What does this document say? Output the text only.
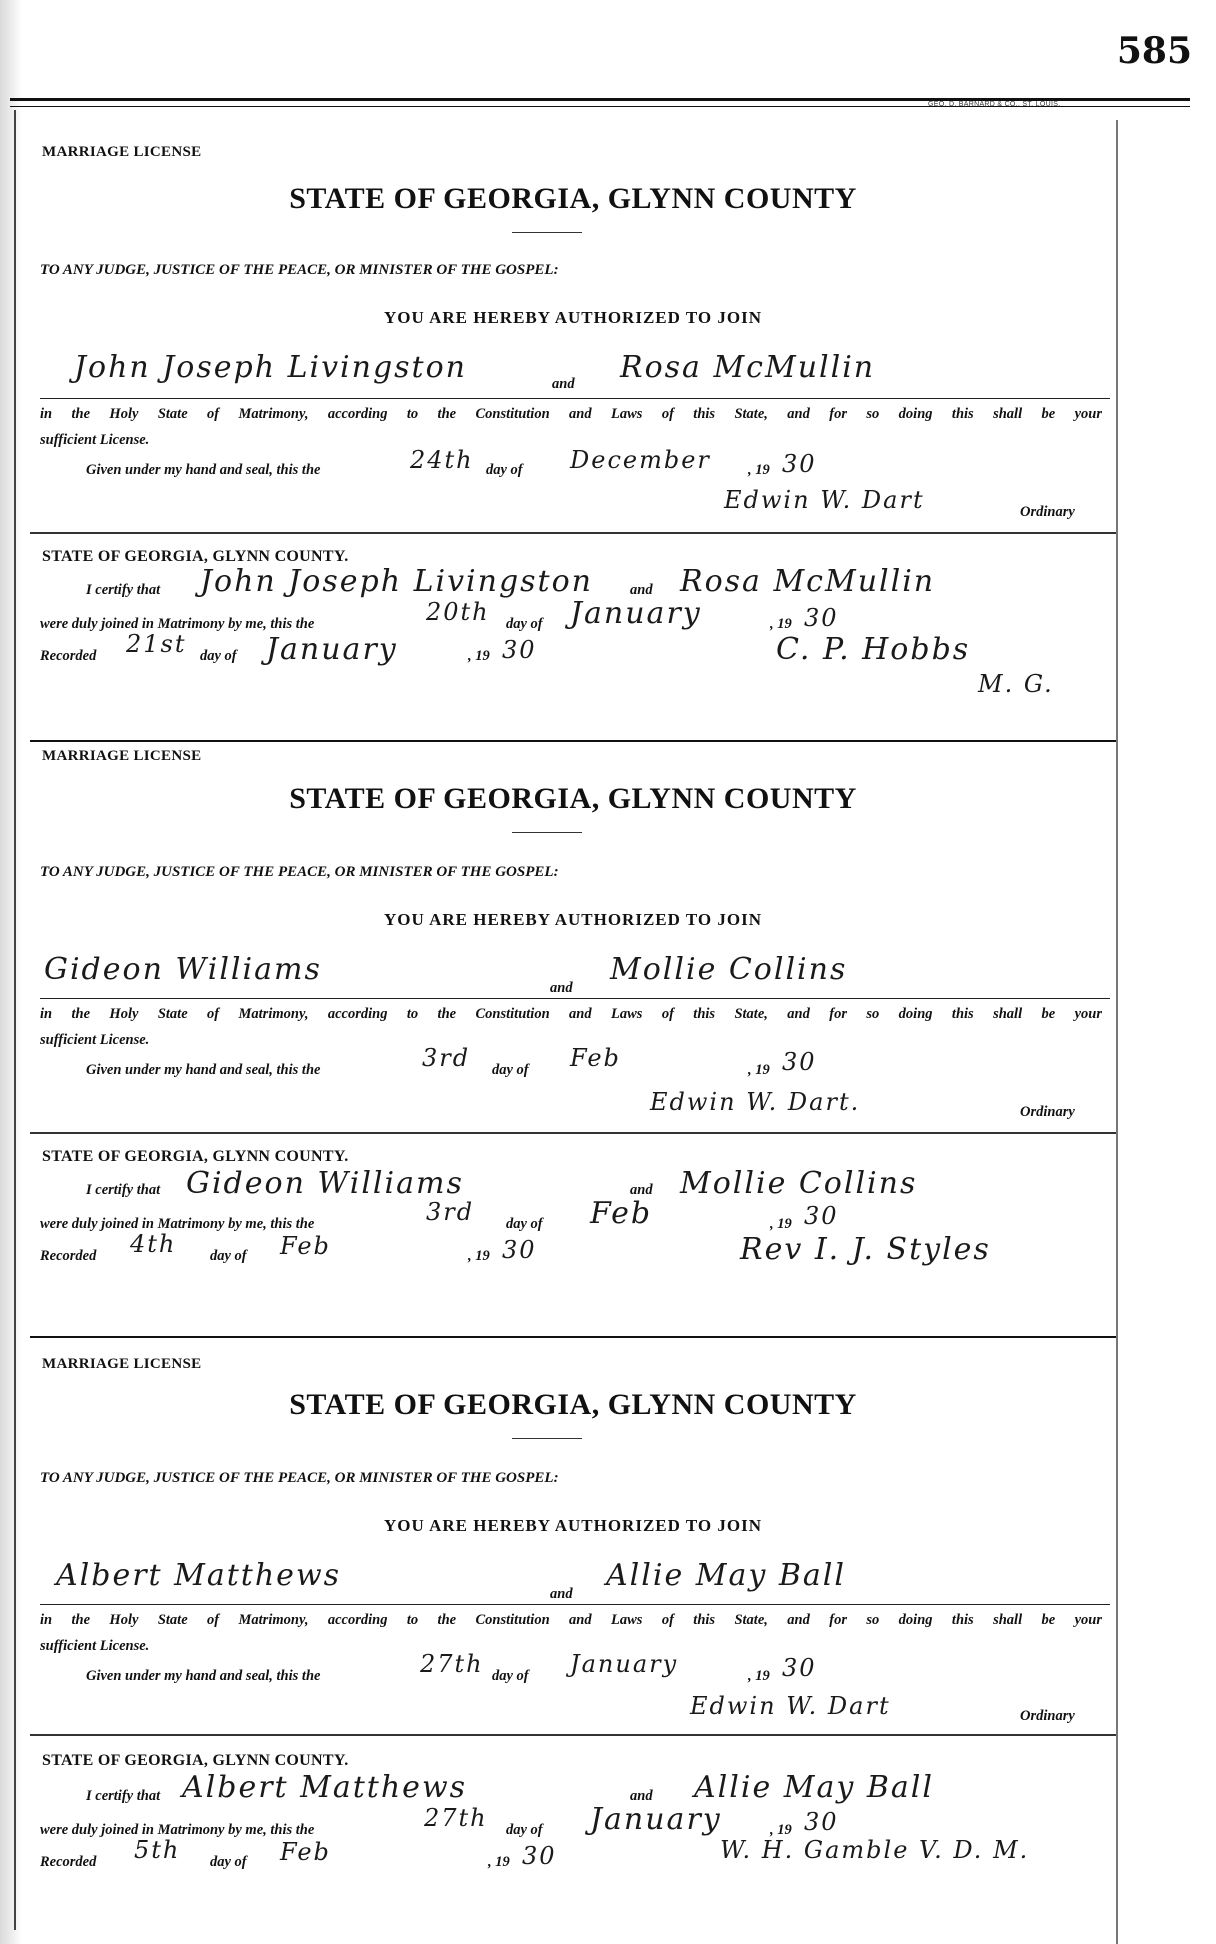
585
GEO. D. BARNARD & CO., ST. LOUIS.
MARRIAGE LICENSE
STATE OF GEORGIA, GLYNN COUNTY
TO ANY JUDGE, JUSTICE OF THE PEACE, OR MINISTER OF THE GOSPEL:
YOU ARE HEREBY AUTHORIZED TO JOIN
John Joseph Livingston	and Rosa McMullin
in the Holy State of Matrimony, according to the Constitution and Laws of this State, and for so doing this shall be your
sufficient License.
Given under my hand and seal, this the	24th day of December	, 19 30
Edwin W. Dart	Ordinary
STATE OF GEORGIA, GLYNN COUNTY.
I certify that John Joseph Livingston	and Rosa McMullin
were duly joined in Matrimony by me, this the	20th day of January	, 19 30
Recorded 21st day of January	, 19 30	C. P. Hobbs
M. G.
MARRIAGE LICENSE
STATE OF GEORGIA, GLYNN COUNTY
TO ANY JUDGE, JUSTICE OF THE PEACE, OR MINISTER OF THE GOSPEL:
YOU ARE HEREBY AUTHORIZED TO JOIN
Gideon Williams
and
Mollie Collins
in the Holy State of Matrimony, according to the Constitution and Laws of this State, and for so doing this shall be your
sufficient License.
Given under my hand and seal, this the	3rd day of Feb	, 19 30
Edwin W. Dart.	Ordinary
STATE OF GEORGIA, GLYNN COUNTY.
I certify that Gideon Williams	and Mollie Collins
were duly joined in Matrimony by me, this the	3rd day of Feb	, 19 30
Recorded 4th day of Feb	, 19 30	Rev I. J. Styles
MARRIAGE LICENSE
STATE OF GEORGIA, GLYNN COUNTY
TO ANY JUDGE, JUSTICE OF THE PEACE, OR MINISTER OF THE GOSPEL:
YOU ARE HEREBY AUTHORIZED TO JOIN
Albert Matthews
and
Allie May Ball
in the Holy State of Matrimony, according to the Constitution and Laws of this State, and for so doing this shall be your
sufficient License.
Given under my hand and seal, this the	27th day of January	, 19 30
Edwin W. Dart	Ordinary
STATE OF GEORGIA, GLYNN COUNTY.
I certify that Albert Matthews	and Allie May Ball
were duly joined in Matrimony by me, this the	27th day of January	, 19 30
Recorded 5th day of Feb	, 19 30	W. H. Gamble V. D. M.
